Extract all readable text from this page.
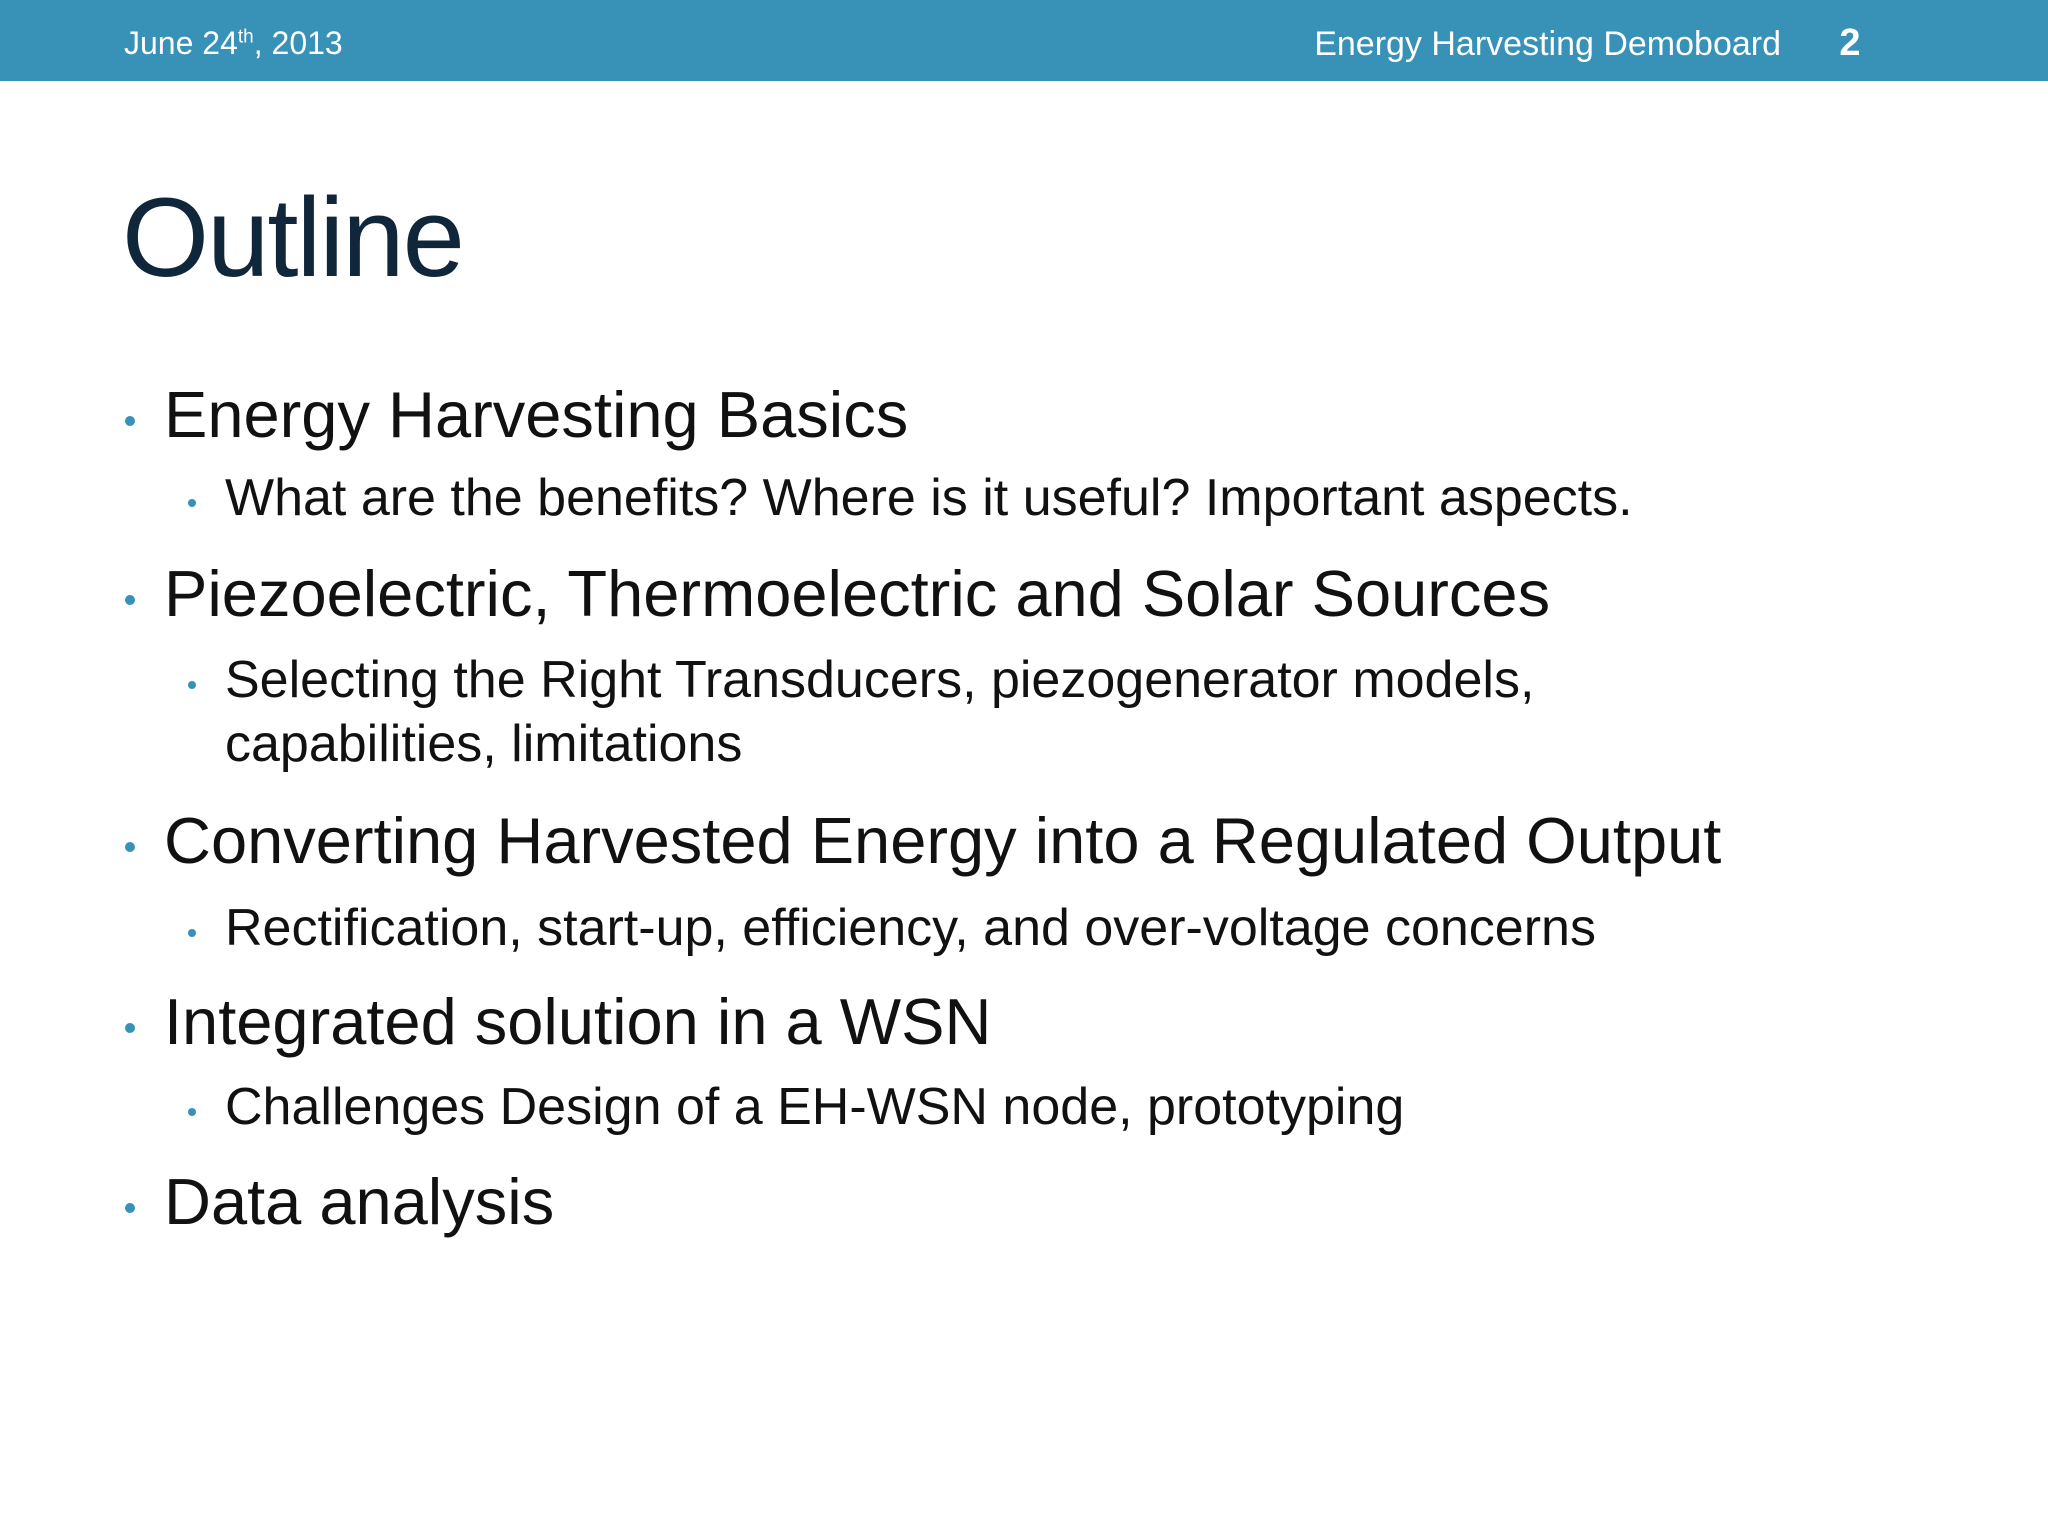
June 24th, 2013	Energy Harvesting Demoboard	2
Outline
Energy Harvesting Basics
What are the benefits? Where is it useful? Important aspects.
Piezoelectric, Thermoelectric and Solar Sources
Selecting the Right Transducers, piezogenerator models,
capabilities, limitations
Converting Harvested Energy into a Regulated Output
Rectification, start-up, efficiency, and over-voltage concerns
Integrated solution in a WSN
Challenges Design of a EH-WSN node, prototyping
Data analysis
